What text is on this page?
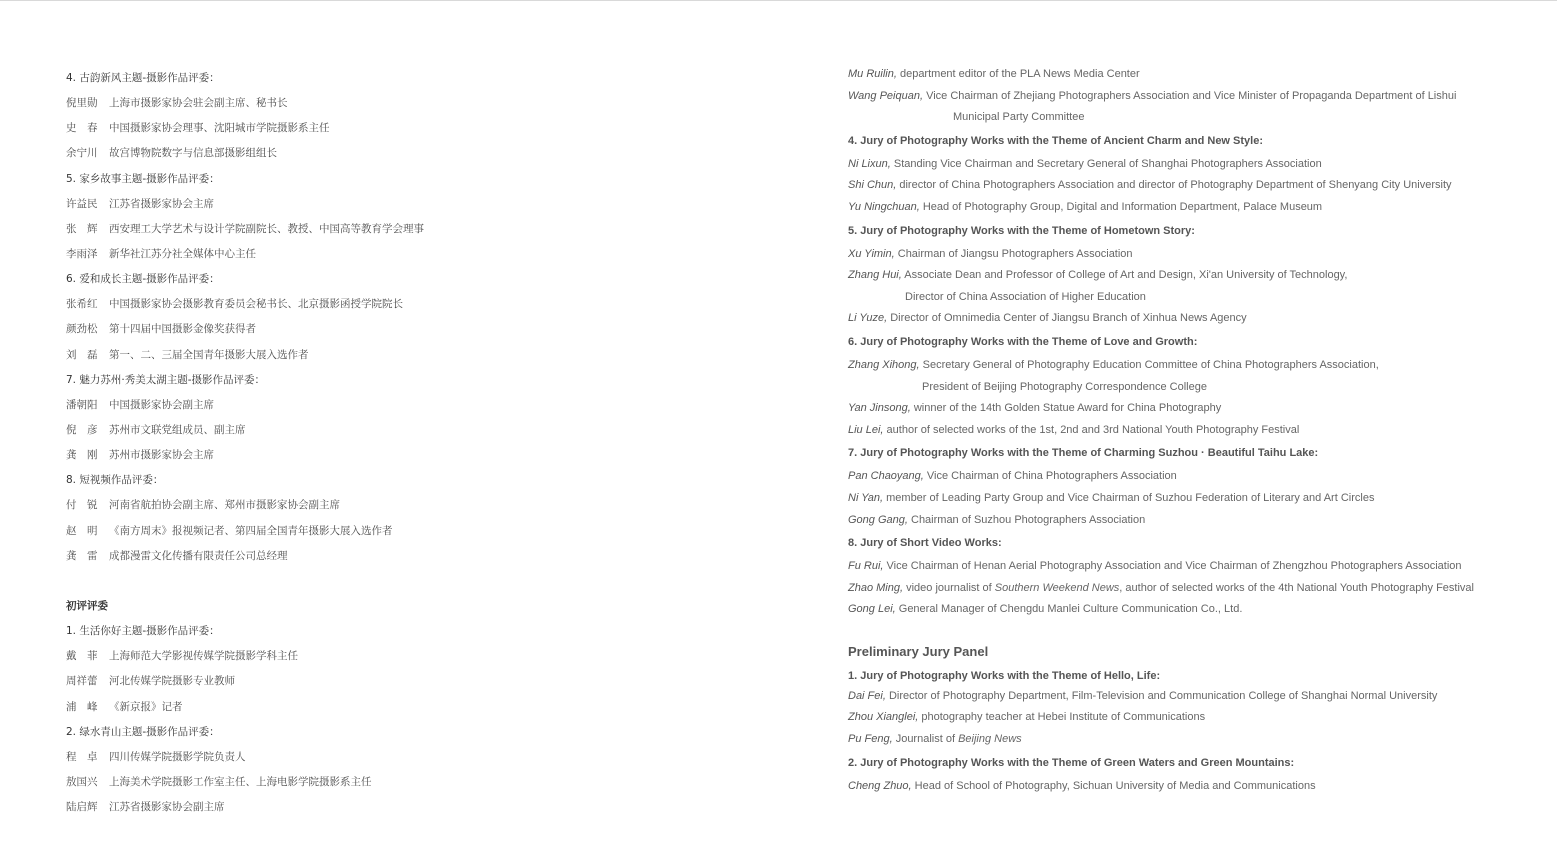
4. 古韵新风主题-摄影作品评委：
倪里勋 上海市摄影家协会驻会副主席、秘书长
史　春 中国摄影家协会理事、沈阳城市学院摄影系主任
余宁川 故宫博物院数字与信息部摄影组组长
5. 家乡故事主题-摄影作品评委：
许益民 江苏省摄影家协会主席
张　辉 西安理工大学艺术与设计学院副院长、教授、中国高等教育学会理事
李雨泽 新华社江苏分社全媒体中心主任
6. 爱和成长主题-摄影作品评委：
张希红 中国摄影家协会摄影教育委员会秘书长、北京摄影函授学院院长
颜劲松 第十四届中国摄影金像奖获得者
刘　磊 第一、二、三届全国青年摄影大展入选作者
7. 魅力苏州·秀美太湖主题-摄影作品评委：
潘朝阳 中国摄影家协会副主席
倪　彦 苏州市文联党组成员、副主席
龚　刚 苏州市摄影家协会主席
8. 短视频作品评委：
付　锐 河南省航拍协会副主席、郑州市摄影家协会副主席
赵　明 《南方周末》报视频记者、第四届全国青年摄影大展入选作者
龚　雷 成都漫雷文化传播有限责任公司总经理
初评评委
1. 生活你好主题-摄影作品评委：
戴　菲 上海师范大学影视传媒学院摄影学科主任
周祥蕾 河北传媒学院摄影专业教师
浦　峰 《新京报》记者
2. 绿水青山主题-摄影作品评委：
程　卓 四川传媒学院摄影学院负责人
敖国兴 上海美术学院摄影工作室主任、上海电影学院摄影系主任
陆启辉 江苏省摄影家协会副主席
Mu Ruilin, department editor of the PLA News Media Center
Wang Peiquan, Vice Chairman of Zhejiang Photographers Association and Vice Minister of Propaganda Department of Lishui
Municipal Party Committee
4. Jury of Photography Works with the Theme of Ancient Charm and New Style:
Ni Lixun, Standing Vice Chairman and Secretary General of Shanghai Photographers Association
Shi Chun, director of China Photographers Association and director of Photography Department of Shenyang City University
Yu Ningchuan, Head of Photography Group, Digital and Information Department, Palace Museum
5. Jury of Photography Works with the Theme of Hometown Story:
Xu Yimin, Chairman of Jiangsu Photographers Association
Zhang Hui, Associate Dean and Professor of College of Art and Design, Xi'an University of Technology,
Director of China Association of Higher Education
Li Yuze, Director of Omnimedia Center of Jiangsu Branch of Xinhua News Agency
6. Jury of Photography Works with the Theme of Love and Growth:
Zhang Xihong, Secretary General of Photography Education Committee of China Photographers Association,
President of Beijing Photography Correspondence College
Yan Jinsong, winner of the 14th Golden Statue Award for China Photography
Liu Lei, author of selected works of the 1st, 2nd and 3rd National Youth Photography Festival
7. Jury of Photography Works with the Theme of Charming Suzhou · Beautiful Taihu Lake:
Pan Chaoyang, Vice Chairman of China Photographers Association
Ni Yan, member of Leading Party Group and Vice Chairman of Suzhou Federation of Literary and Art Circles
Gong Gang, Chairman of Suzhou Photographers Association
8. Jury of Short Video Works:
Fu Rui, Vice Chairman of Henan Aerial Photography Association and Vice Chairman of Zhengzhou Photographers Association
Zhao Ming, video journalist of Southern Weekend News, author of selected works of the 4th National Youth Photography Festival
Gong Lei, General Manager of Chengdu Manlei Culture Communication Co., Ltd.
Preliminary Jury Panel
1. Jury of Photography Works with the Theme of Hello, Life:
Dai Fei, Director of Photography Department, Film-Television and Communication College of Shanghai Normal University
Zhou Xianglei, photography teacher at Hebei Institute of Communications
Pu Feng, Journalist of Beijing News
2. Jury of Photography Works with the Theme of Green Waters and Green Mountains:
Cheng Zhuo, Head of School of Photography, Sichuan University of Media and Communications
